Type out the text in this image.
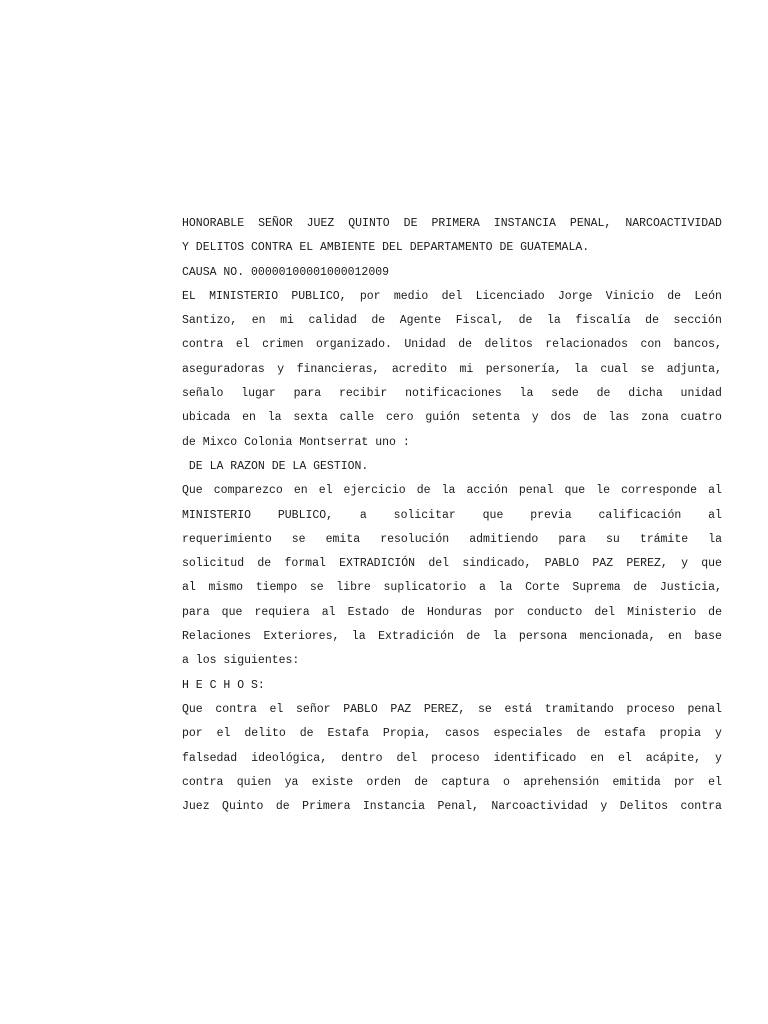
HONORABLE SEÑOR JUEZ QUINTO DE PRIMERA INSTANCIA PENAL, NARCOACTIVIDAD
Y DELITOS CONTRA EL AMBIENTE DEL DEPARTAMENTO DE GUATEMALA.
CAUSA NO. 00000100001000012009
EL MINISTERIO PUBLICO, por medio del Licenciado Jorge Vinicio de León
Santizo, en mi calidad de Agente Fiscal, de la fiscalía de sección
contra el crimen organizado. Unidad de delitos relacionados con bancos,
aseguradoras y financieras, acredito mi personería, la cual se adjunta,
señalo lugar para recibir notificaciones la sede de dicha unidad
ubicada en la sexta calle cero guión setenta y dos de las zona cuatro
de Mixco Colonia Montserrat uno :
DE LA RAZON DE LA GESTION.
Que comparezco en el ejercicio de la acción penal que le corresponde al
MINISTERIO PUBLICO, a solicitar que previa calificación al
requerimiento se emita resolución admitiendo para su trámite la
solicitud de formal EXTRADICIÓN del sindicado, PABLO PAZ PEREZ, y que
al mismo tiempo se libre suplicatorio a la Corte Suprema de Justicia,
para que requiera al Estado de Honduras por conducto del Ministerio de
Relaciones Exteriores, la Extradición de la persona mencionada, en base
a los siguientes:
H E C H O S:
Que contra el señor PABLO PAZ PEREZ, se está tramitando proceso penal
por el delito de Estafa Propia, casos especiales de estafa propia y
falsedad ideológica, dentro del proceso identificado en el acápite, y
contra quien ya existe orden de captura o aprehensión emitida por el
Juez Quinto de Primera Instancia Penal, Narcoactividad y Delitos contra
